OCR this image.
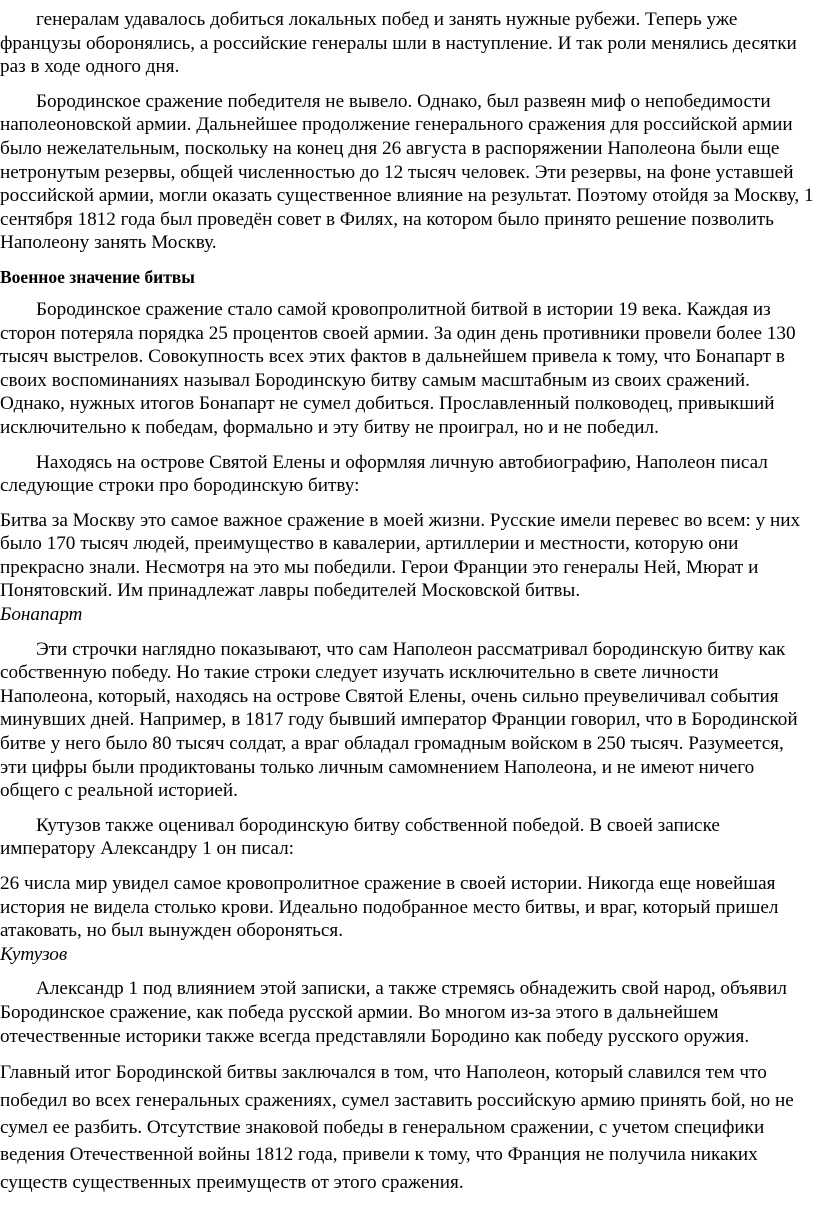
генералам удавалось добиться локальных побед и занять нужные рубежи. Теперь уже французы оборонялись, а российские генералы шли в наступление. И так роли менялись десятки раз в ходе одного дня.

Бородинское сражение победителя не вывело. Однако, был развеян миф о непобедимости наполеоновской армии. Дальнейшее продолжение генерального сражения для российской армии было нежелательным, поскольку на конец дня 26 августа в распоряжении Наполеона были еще нетронутым резервы, общей численностью до 12 тысяч человек. Эти резервы, на фоне уставшей российской армии, могли оказать существенное влияние на результат. Поэтому отойдя за Москву, 1 сентября 1812 года был проведён совет в Филях, на котором было принято решение позволить Наполеону занять Москву.

Военное значение битвы

Бородинское сражение стало самой кровопролитной битвой в истории 19 века. Каждая из сторон потеряла порядка 25 процентов своей армии. За один день противники провели более 130 тысяч выстрелов. Совокупность всех этих фактов в дальнейшем привела к тому, что Бонапарт в своих воспоминаниях называл Бородинскую битву самым масштабным из своих сражений. Однако, нужных итогов Бонапарт не сумел добиться. Прославленный полководец, привыкший исключительно к победам, формально и эту битву не проиграл, но и не победил.

Находясь на острове Святой Елены и оформляя личную автобиографию, Наполеон писал следующие строки про бородинскую битву:

Битва за Москву это самое важное сражение в моей жизни. Русские имели перевес во всем: у них было 170 тысяч людей, преимущество в кавалерии, артиллерии и местности, которую они прекрасно знали. Несмотря на это мы победили. Герои Франции это генералы Ней, Мюрат и Понятовский. Им принадлежат лавры победителей Московской битвы.

Бонапарт

Эти строчки наглядно показывают, что сам Наполеон рассматривал бородинскую битву как собственную победу. Но такие строки следует изучать исключительно в свете личности Наполеона, который, находясь на острове Святой Елены, очень сильно преувеличивал события минувших дней. Например, в 1817 году бывший император Франции говорил, что в Бородинской битве у него было 80 тысяч солдат, а враг обладал громадным войском в 250 тысяч. Разумеется, эти цифры были продиктованы только личным самомнением Наполеона, и не имеют ничего общего с реальной историей.

Кутузов также оценивал бородинскую битву собственной победой. В своей записке императору Александру 1 он писал:

26 числа мир увидел самое кровопролитное сражение в своей истории. Никогда еще новейшая история не видела столько крови. Идеально подобранное место битвы, и враг, который пришел атаковать, но был вынужден обороняться.

Кутузов

Александр 1 под влиянием этой записки, а также стремясь обнадежить свой народ, объявил Бородинское сражение, как победа русской армии. Во многом из-за этого в дальнейшем отечественные историки также всегда представляли Бородино как победу русского оружия.

Главный итог Бородинской битвы заключался в том, что Наполеон, который славился тем что победил во всех генеральных сражениях, сумел заставить российскую армию принять бой, но не сумел ее разбить. Отсутствие знаковой победы в генеральном сражении, с учетом специфики ведения Отечественной войны 1812 года, привели к тому, что Франция не получила никаких существ существенных преимуществ от этого сражения.
